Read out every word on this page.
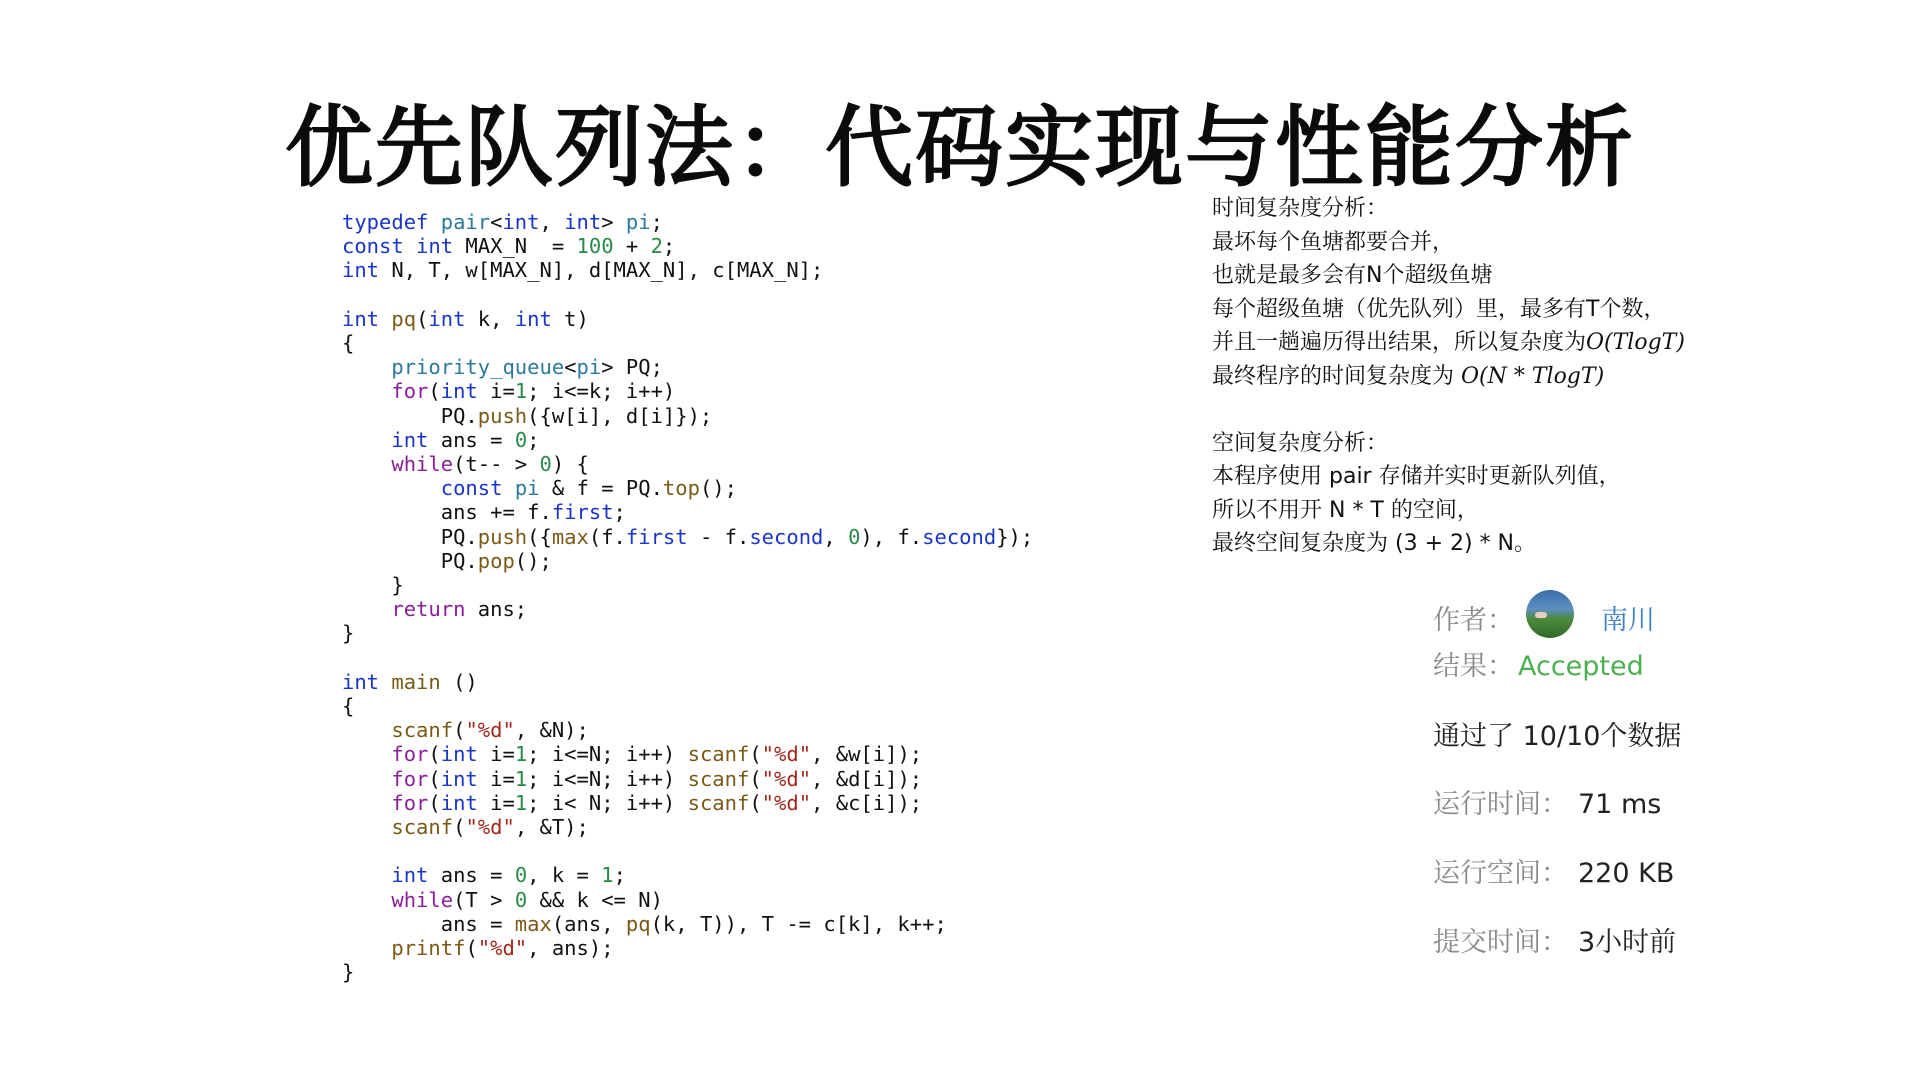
优先队列法：代码实现与性能分析
typedef pair<int, int> pi;
const int MAX_N  = 100 + 2;
int N, T, w[MAX_N], d[MAX_N], c[MAX_N];

int pq(int k, int t)
{
priority_queue<pi> PQ;
for(int i=1; i<=k; i++)
PQ.push({w[i], d[i]});
int ans = 0;
while(t-- > 0) {
const pi & f = PQ.top();
ans += f.first;
PQ.push({max(f.first - f.second, 0), f.second});
PQ.pop();
}
return ans;
}

int main ()
{
scanf("%d", &N);
for(int i=1; i<=N; i++) scanf("%d", &w[i]);
for(int i=1; i<=N; i++) scanf("%d", &d[i]);
for(int i=1; i< N; i++) scanf("%d", &c[i]);
scanf("%d", &T);

int ans = 0, k = 1;
while(T > 0 && k <= N)
ans = max(ans, pq(k, T)), T -= c[k], k++;
printf("%d", ans);
}
时间复杂度分析：
最坏每个鱼塘都要合并，
也就是最多会有N个超级鱼塘
每个超级鱼塘（优先队列）里，最多有T个数，
并且一趟遍历得出结果，所以复杂度为O(TlogT)
最终程序的时间复杂度为 O(N * TlogT)
空间复杂度分析：
本程序使用 pair 存储并实时更新队列值，
所以不用开 N * T 的空间，
最终空间复杂度为 (3 + 2) * N。
作者：	南川
结果： Accepted
通过了 10/10个数据
运行时间： 71 ms
运行空间： 220 KB
提交时间： 3小时前
